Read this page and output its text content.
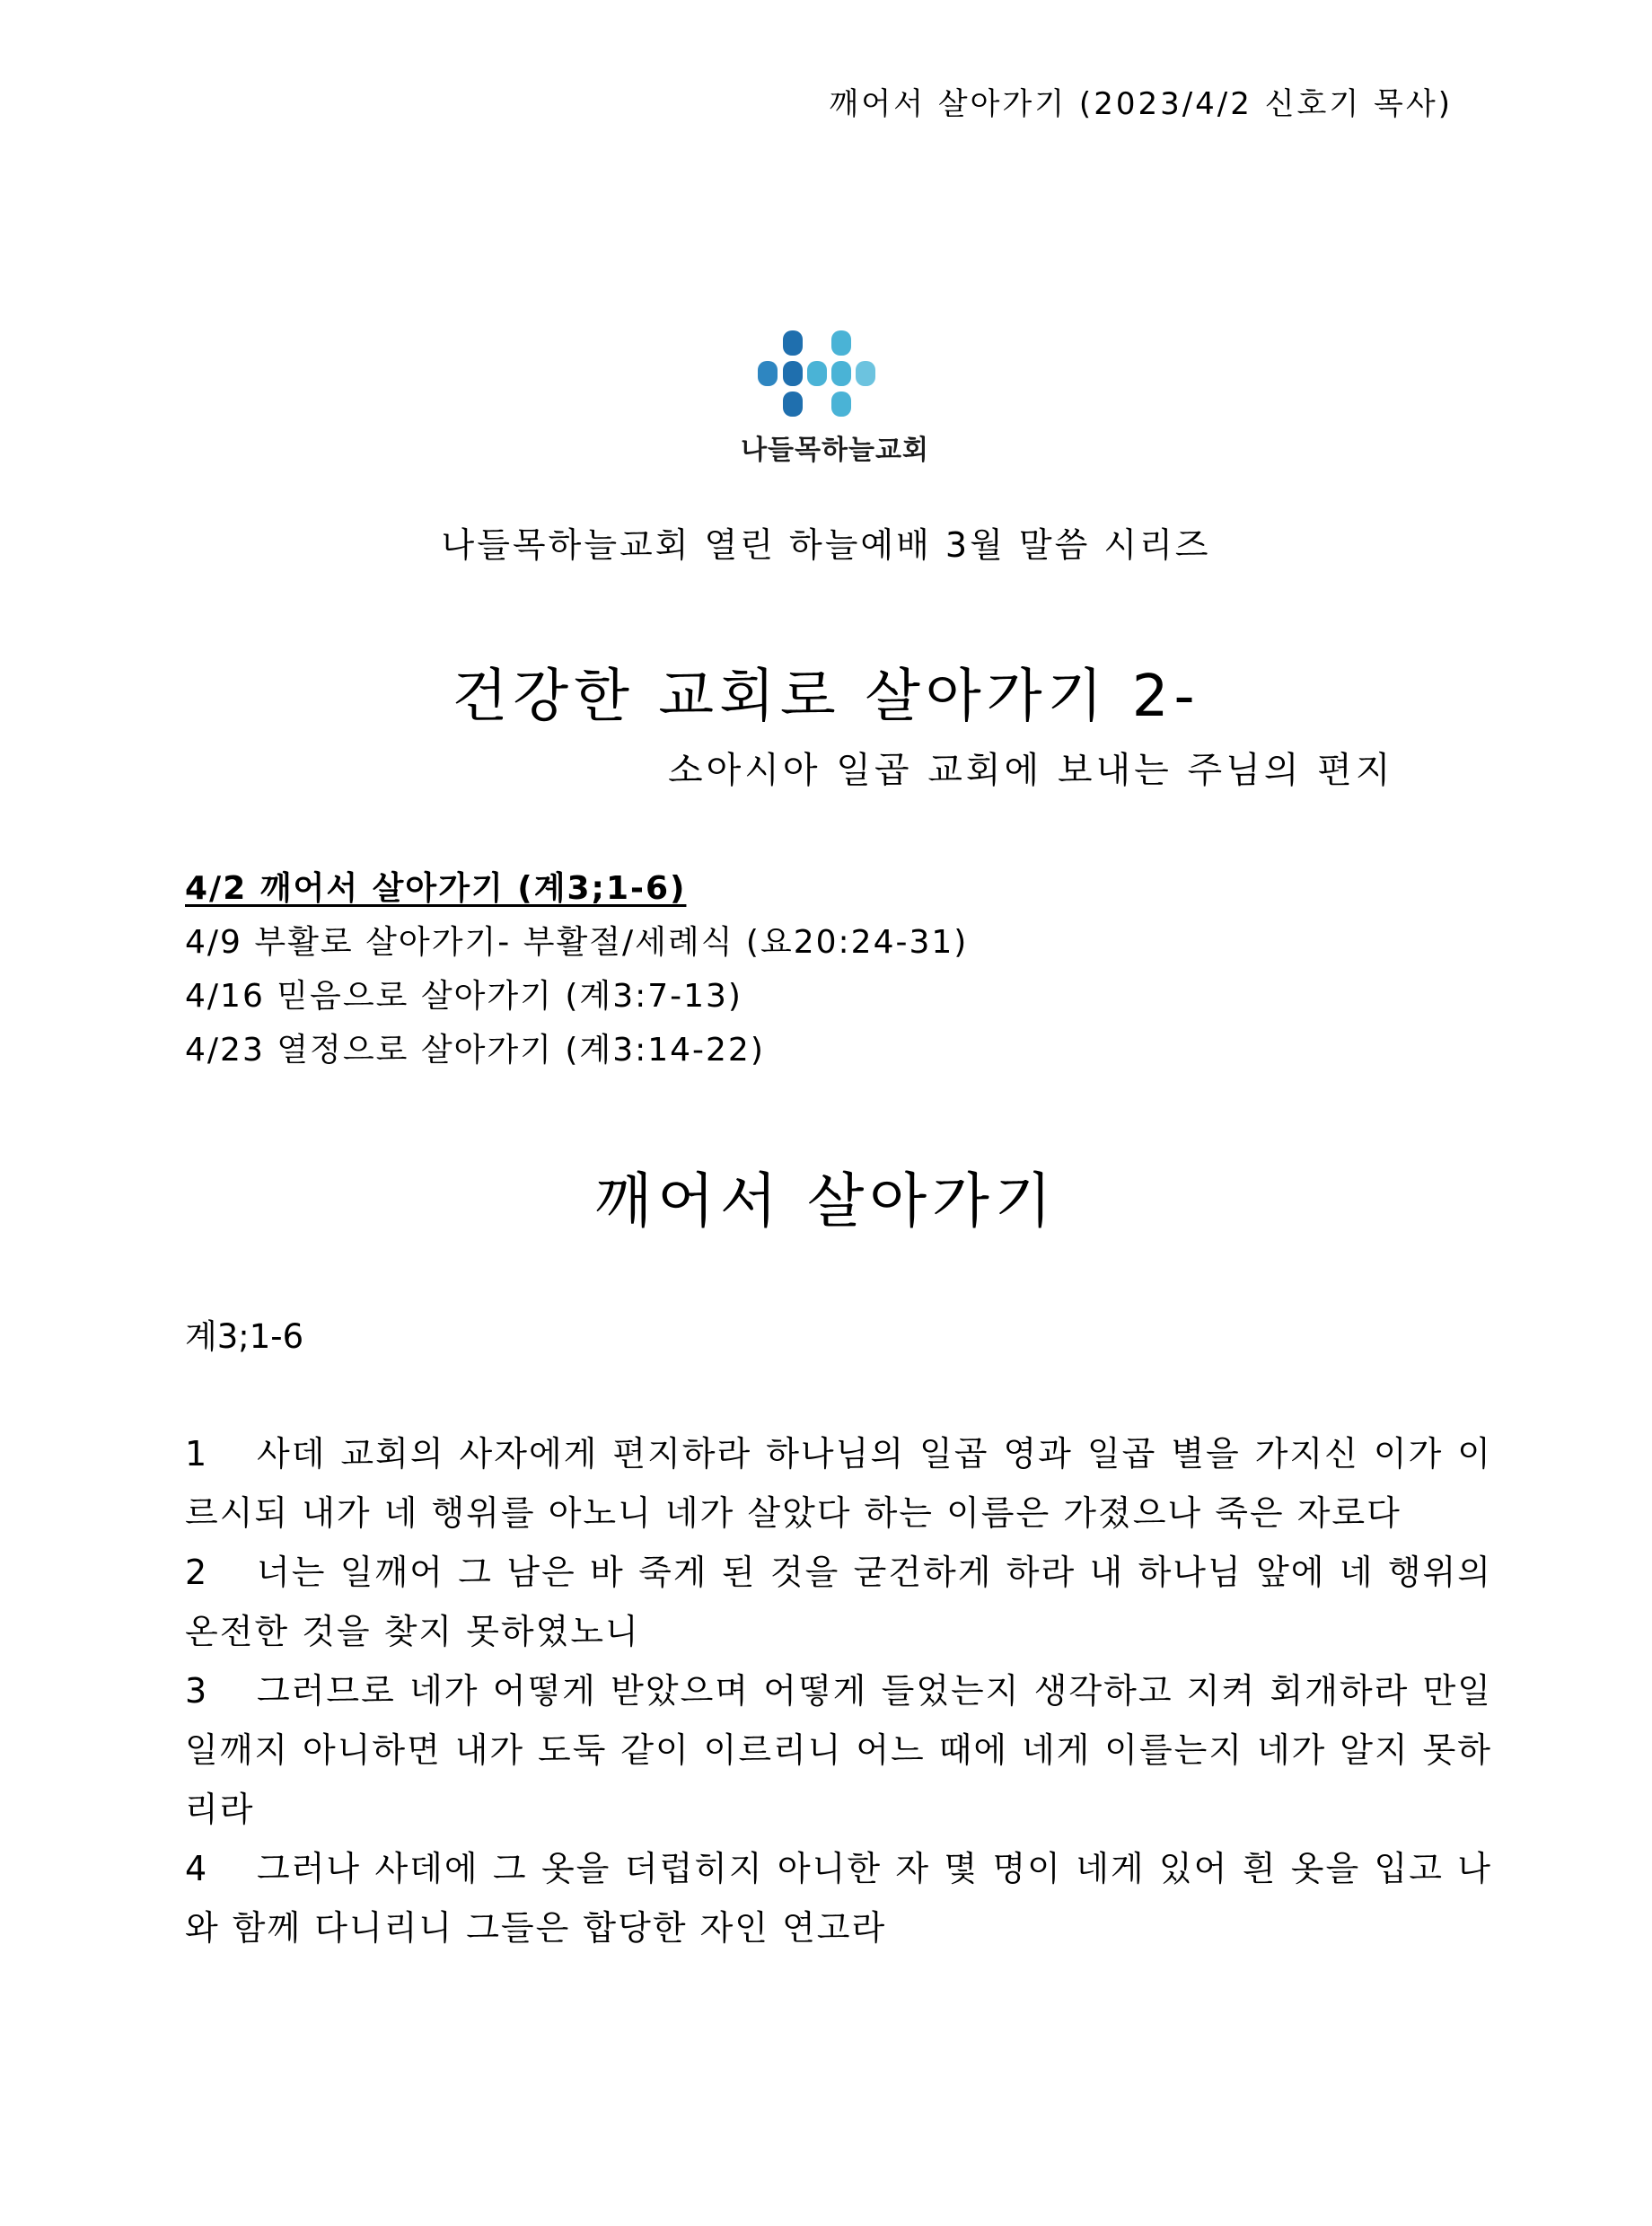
깨어서 살아가기 (2023/4/2 신호기 목사)
나들목하늘교회
나들목하늘교회 열린 하늘예배 3월 말씀 시리즈
건강한 교회로 살아가기 2-
소아시아 일곱 교회에 보내는 주님의 편지
4/2 깨어서 살아가기 (계3;1-6)
4/9 부활로 살아가기- 부활절/세례식 (요20:24-31)
4/16 믿음으로 살아가기 (계3:7-13)
4/23 열정으로 살아가기 (계3:14-22)
깨어서 살아가기
계3;1-6
1 사데 교회의 사자에게 편지하라 하나님의 일곱 영과 일곱 별을 가지신 이가 이르시되 내가 네 행위를 아노니 네가 살았다 하는 이름은 가졌으나 죽은 자로다
2 너는 일깨어 그 남은 바 죽게 된 것을 굳건하게 하라 내 하나님 앞에 네 행위의 온전한 것을 찾지 못하였노니
3 그러므로 네가 어떻게 받았으며 어떻게 들었는지 생각하고 지켜 회개하라 만일 일깨지 아니하면 내가 도둑 같이 이르리니 어느 때에 네게 이를는지 네가 알지 못하리라
4 그러나 사데에 그 옷을 더럽히지 아니한 자 몇 명이 네게 있어 흰 옷을 입고 나와 함께 다니리니 그들은 합당한 자인 연고라
